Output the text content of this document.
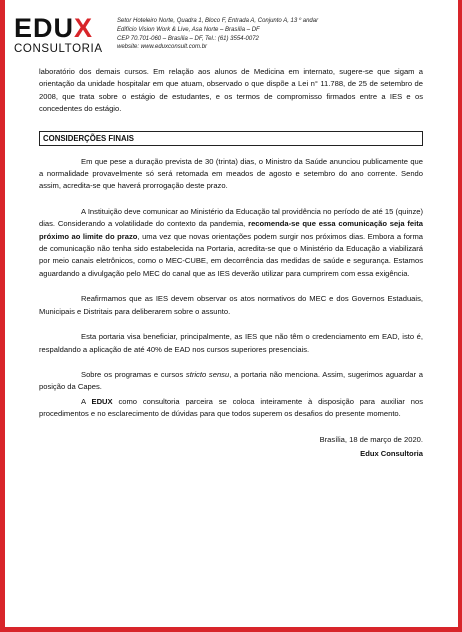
EDU X
CONSULTORIA
Setor Hoteleiro Norte, Quadra 1, Bloco F, Entrada A, Conjunto A, 13 º andar
Edifício Vision Work & Live, Asa Norte – Brasília – DF
CEP 70.701-060 – Brasília – DF, Tel.: (61) 3554-0072
website: www.eduxconsult.com.br

laboratório dos demais cursos. Em relação aos alunos de Medicina em internato, sugere-se que sigam a orientação da unidade hospitalar em que atuam, observado o que dispõe a Lei n° 11.788, de 25 de setembro de 2008, que trata sobre o estágio de estudantes, e os termos de compromisso firmados entre a IES e os concedentes do estágio.

CONSIDERÇÕES FINAIS

Em que pese a duração prevista de 30 (trinta) dias, o Ministro da Saúde anunciou publicamente que a normalidade provavelmente só será retomada em meados de agosto e setembro do ano corrente. Sendo assim, acredita-se que haverá prorrogação deste prazo.

A Instituição deve comunicar ao Ministério da Educação tal providência no período de até 15 (quinze) dias. Considerando a volatilidade do contexto da pandemia, recomenda-se que essa comunicação seja feita próximo ao limite do prazo, uma vez que novas orientações podem surgir nos próximos dias. Embora a forma de comunicação não tenha sido estabelecida na Portaria, acredita-se que o Ministério da Educação a viabilizará por meio canais eletrônicos, como o MEC-CUBE, em decorrência das medidas de saúde e segurança. Estamos aguardando a divulgação pelo MEC do canal que as IES deverão utilizar para cumprirem com essa exigência.

Reafirmamos que as IES devem observar os atos normativos do MEC e dos Governos Estaduais, Municipais e Distritais para deliberarem sobre o assunto.

Esta portaria visa beneficiar, principalmente, as IES que não têm o credenciamento em EAD, isto é, respaldando a aplicação de até 40% de EAD nos cursos superiores presenciais.

Sobre os programas e cursos stricto sensu, a portaria não menciona. Assim, sugerimos aguardar a posição da Capes.

A EDUX como consultoria parceira se coloca inteiramente à disposição para auxiliar nos procedimentos e no esclarecimento de dúvidas para que todos superem os desafios do presente momento.

Brasília, 18 de março de 2020.
Edux Consultoria
